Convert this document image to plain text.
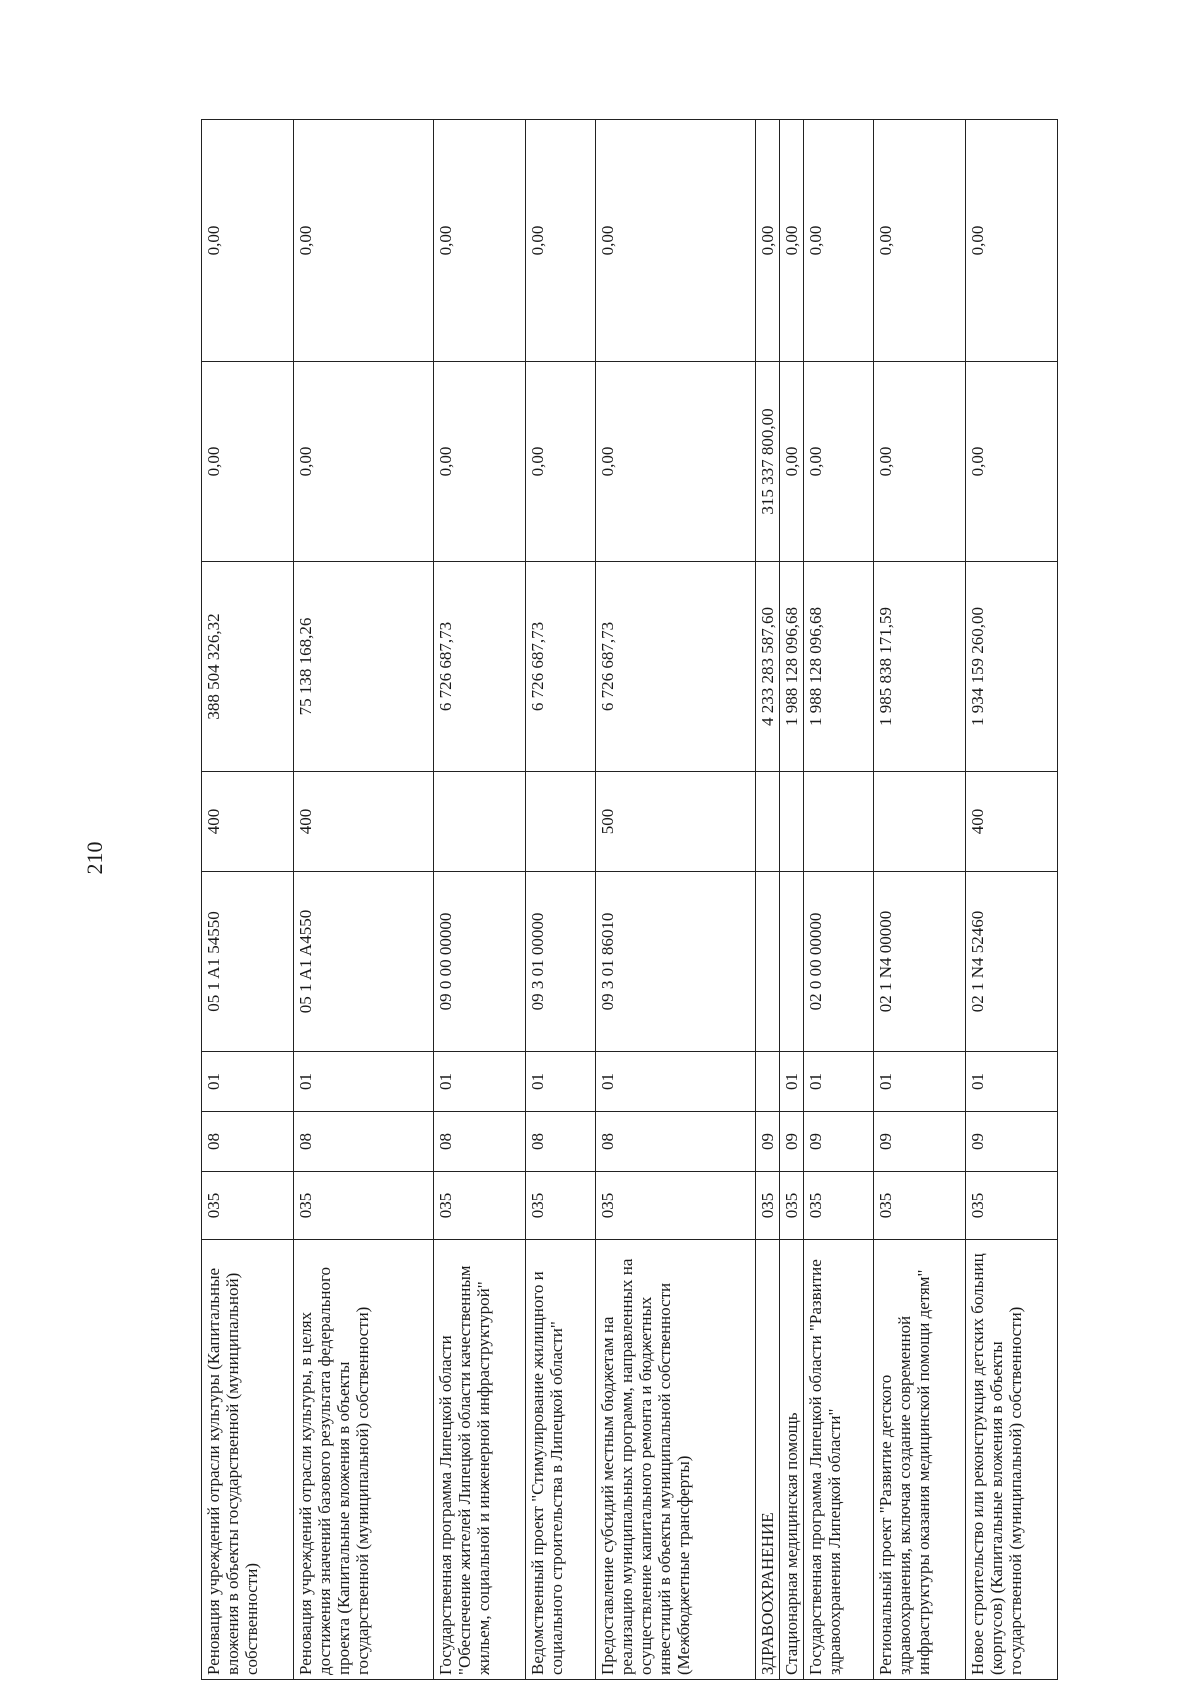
210
Реновация учреждений отрасли культуры (Капитальные вложения в объекты государственной (муниципальной) собственности)	035	08	01	05 1 A1 54550	400	388 504 326,32	0,00	0,00
Реновация учреждений отрасли культуры, в целях достижения значений базового результата федерального проекта (Капитальные вложения в объекты государственной (муниципальной) собственности)	035	08	01	05 1 A1 A4550	400	75 138 168,26	0,00	0,00
Государственная программа Липецкой области "Обеспечение жителей Липецкой области качественным жильем, социальной и инженерной инфраструктурой"	035	08	01	09 0 00 00000		6 726 687,73	0,00	0,00
Ведомственный проект "Стимулирование жилищного и социального строительства в Липецкой области"	035	08	01	09 3 01 00000		6 726 687,73	0,00	0,00
Предоставление субсидий местным бюджетам на реализацию муниципальных программ, направленных на осуществление капитального ремонта и бюджетных инвестиций в объекты муниципальной собственности (Межбюджетные трансферты)	035	08	01	09 3 01 86010	500	6 726 687,73	0,00	0,00
ЗДРАВООХРАНЕНИЕ	035	09				4 233 283 587,60	315 337 800,00	0,00
Стационарная медицинская помощь	035	09	01			1 988 128 096,68	0,00	0,00
Государственная программа Липецкой области "Развитие здравоохранения Липецкой области"	035	09	01	02 0 00 00000		1 988 128 096,68	0,00	0,00
Региональный проект "Развитие детского здравоохранения, включая создание современной инфраструктуры оказания медицинской помощи детям"	035	09	01	02 1 N4 00000		1 985 838 171,59	0,00	0,00
Новое строительство или реконструкция детских больниц (корпусов) (Капитальные вложения в объекты государственной (муниципальной) собственности)	035	09	01	02 1 N4 52460	400	1 934 159 260,00	0,00	0,00
